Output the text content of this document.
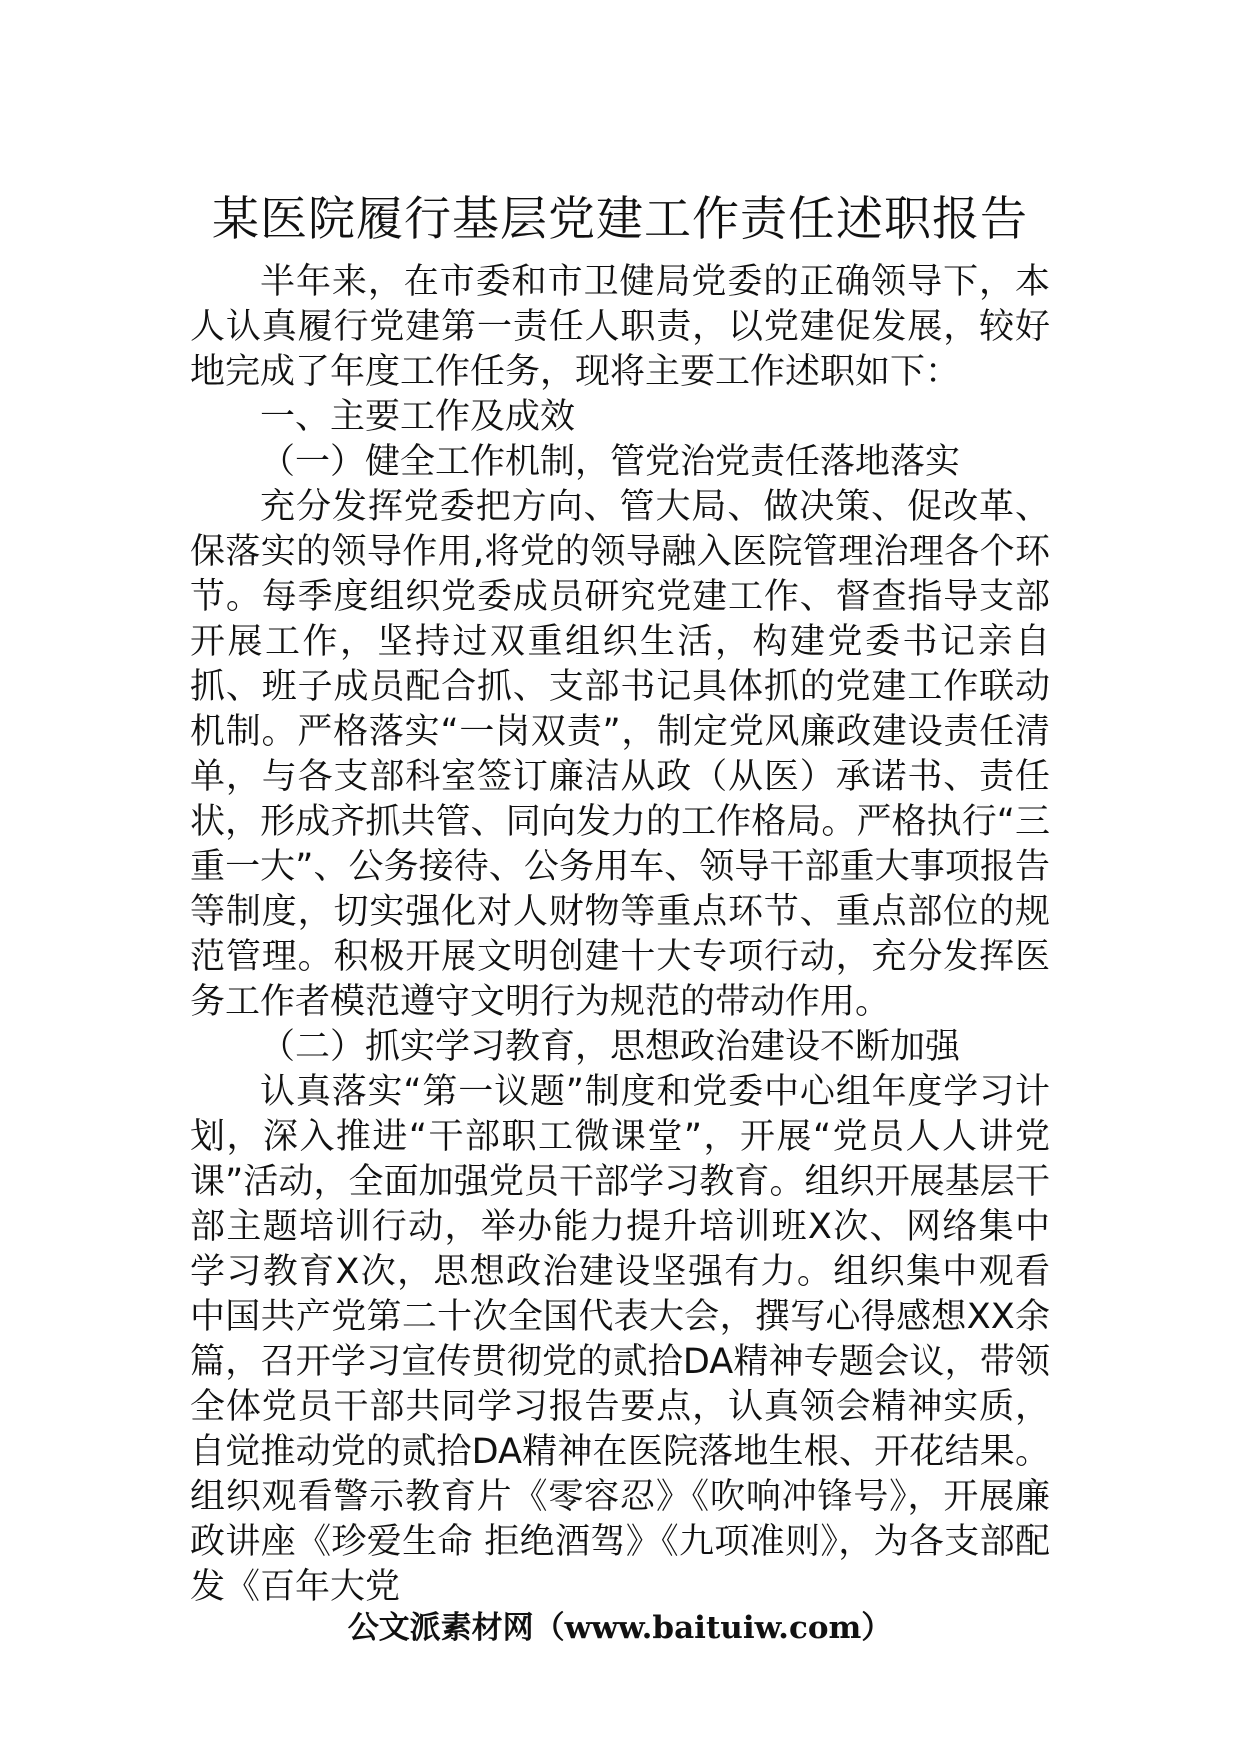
某医院履行基层党建工作责任述职报告

半年来，在市委和市卫健局党委的正确领导下，本人认真履行党建第一责任人职责，以党建促发展，较好地完成了年度工作任务，现将主要工作述职如下：

一、主要工作及成效

（一）健全工作机制，管党治党责任落地落实

充分发挥党委把方向、管大局、做决策、促改革、保落实的领导作用,将党的领导融入医院管理治理各个环节。每季度组织党委成员研究党建工作、督查指导支部开展工作，坚持过双重组织生活，构建党委书记亲自抓、班子成员配合抓、支部书记具体抓的党建工作联动机制。严格落实“一岗双责”，制定党风廉政建设责任清单，与各支部科室签订廉洁从政（从医）承诺书、责任状，形成齐抓共管、同向发力的工作格局。严格执行“三重一大”、公务接待、公务用车、领导干部重大事项报告等制度，切实强化对人财物等重点环节、重点部位的规范管理。积极开展文明创建十大专项行动，充分发挥医务工作者模范遵守文明行为规范的带动作用。

（二）抓实学习教育，思想政治建设不断加强

认真落实“第一议题”制度和党委中心组年度学习计划，深入推进“干部职工微课堂”，开展“党员人人讲党课”活动，全面加强党员干部学习教育。组织开展基层干部主题培训行动，举办能力提升培训班X次、网络集中学习教育X次，思想政治建设坚强有力。组织集中观看中国共产党第二十次全国代表大会，撰写心得感想XX余篇，召开学习宣传贯彻党的贰拾DA精神专题会议，带领全体党员干部共同学习报告要点，认真领会精神实质，自觉推动党的贰拾DA精神在医院落地生根、开花结果。组织观看警示教育片《零容忍》《吹响冲锋号》，开展廉政讲座《珍爱生命 拒绝酒驾》《九项准则》，为各支部配发《百年大党

公文派素材网（www.baituiw.com）
